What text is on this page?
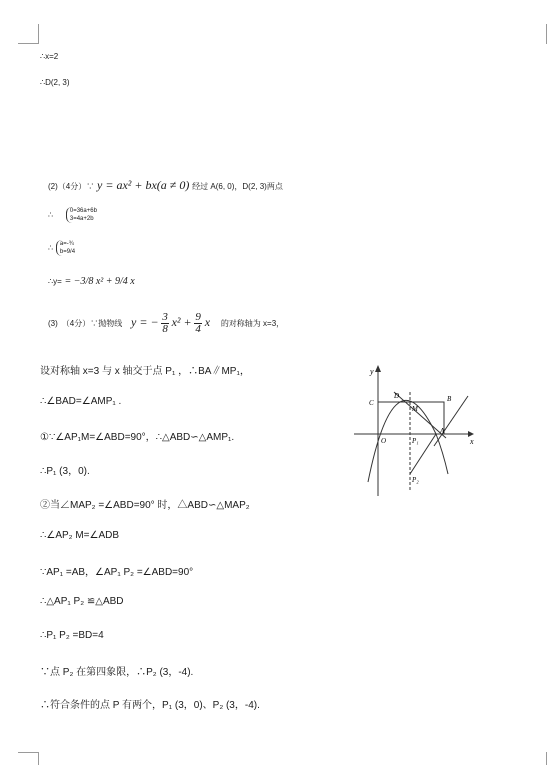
∴x=2
∴D(2, 3)
(2)（4分）∵ y = ax² + bx(a ≠ 0) 经过 A(6, 0)，D(2, 3)两点
∴	0=36a+6b
3=4a+2b
∴ a=-¾
b=9/4
∴y= = −3/8 x² + 9/4 x
(3)　（4分）∵抛物线 y = − $\frac{3}{8} x^2 + \frac{9}{4}$ x 的对称轴为 x=3，
设对称轴 x=3 与 x 轴交于点 P₁ ，∴BA∥MP₁，
∴∠BAD=∠AMP₁ .
①∵∠AP₁M=∠ABD=90°，∴△ABD∽△AMP₁.
∴P₁ (3，0).
②当∠MAP₂ =∠ABD=90° 时，△ABD∽△MAP₂
∴∠AP₂ M=∠ADB
∵AP₁ =AB，∠AP₁ P₂ =∠ABD=90°
∴△AP₁ P₂ ≌△ABD
∴P₁ P₂ =BD=4
∵点 P₂ 在第四象限，∴P₂ (3，-4).
∴符合条件的点 P 有两个，P₁ (3，0)、P₂ (3，-4).
y
x
O
C
D
M
B
A
P₁
P₂
